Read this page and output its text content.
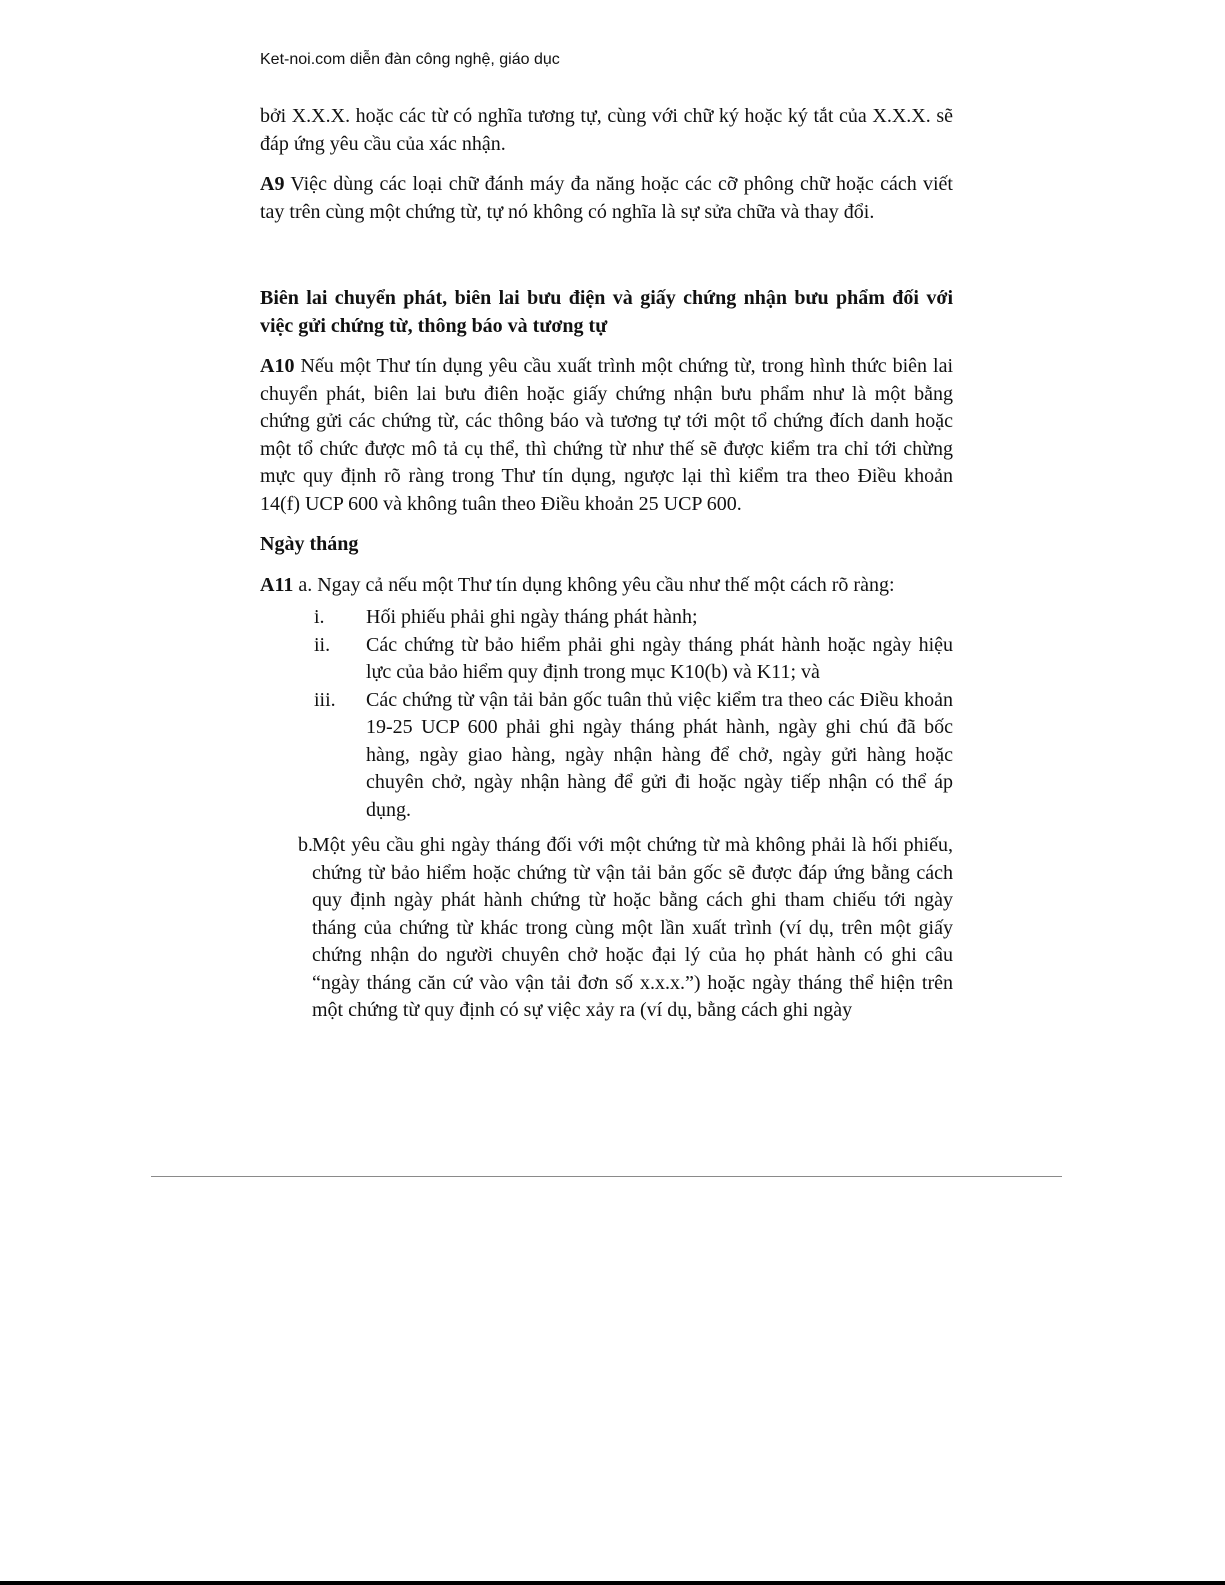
Ket-noi.com diễn đàn công nghệ, giáo dục

bởi X.X.X. hoặc các từ có nghĩa tương tự, cùng với chữ ký hoặc ký tắt của X.X.X. sẽ đáp ứng yêu cầu của xác nhận.

A9 Việc dùng các loại chữ đánh máy đa năng hoặc các cỡ phông chữ hoặc cách viết tay trên cùng một chứng từ, tự nó không có nghĩa là sự sửa chữa và thay đổi.

Biên lai chuyển phát, biên lai bưu điện và giấy chứng nhận bưu phẩm đối với việc gửi chứng từ, thông báo và tương tự

A10 Nếu một Thư tín dụng yêu cầu xuất trình một chứng từ, trong hình thức biên lai chuyển phát, biên lai bưu điên hoặc giấy chứng nhận bưu phẩm như là một bằng chứng gửi các chứng từ, các thông báo và tương tự tới một tổ chứng đích danh hoặc một tổ chức được mô tả cụ thể, thì chứng từ như thế sẽ được kiểm tra chỉ tới chừng mực quy định rõ ràng trong Thư tín dụng, ngược lại thì kiểm tra theo Điều khoản 14(f) UCP 600 và không tuân theo Điều khoản 25 UCP 600.

Ngày tháng

A11 a. Ngay cả nếu một Thư tín dụng không yêu cầu như thế một cách rõ ràng:

i.	Hối phiếu phải ghi ngày tháng phát hành;
ii.	Các chứng từ bảo hiểm phải ghi ngày tháng phát hành hoặc ngày hiệu lực của bảo hiểm quy định trong mục K10(b) và K11; và
iii.	Các chứng từ vận tải bản gốc tuân thủ việc kiểm tra theo các Điều khoản 19-25 UCP 600 phải ghi ngày tháng phát hành, ngày ghi chú đã bốc hàng, ngày giao hàng, ngày nhận hàng để chở, ngày gửi hàng hoặc chuyên chở, ngày nhận hàng để gửi đi hoặc ngày tiếp nhận có thể áp dụng.
b. Một yêu cầu ghi ngày tháng đối với một chứng từ mà không phải là hối phiếu, chứng từ bảo hiểm hoặc chứng từ vận tải bản gốc sẽ được đáp ứng bằng cách quy định ngày phát hành chứng từ hoặc bằng cách ghi tham chiếu tới ngày tháng của chứng từ khác trong cùng một lần xuất trình (ví dụ, trên một giấy chứng nhận do người chuyên chở hoặc đại lý của họ phát hành có ghi câu “ngày tháng căn cứ vào vận tải đơn số x.x.x.”) hoặc ngày tháng thể hiện trên một chứng từ quy định có sự việc xảy ra (ví dụ, bằng cách ghi ngày
